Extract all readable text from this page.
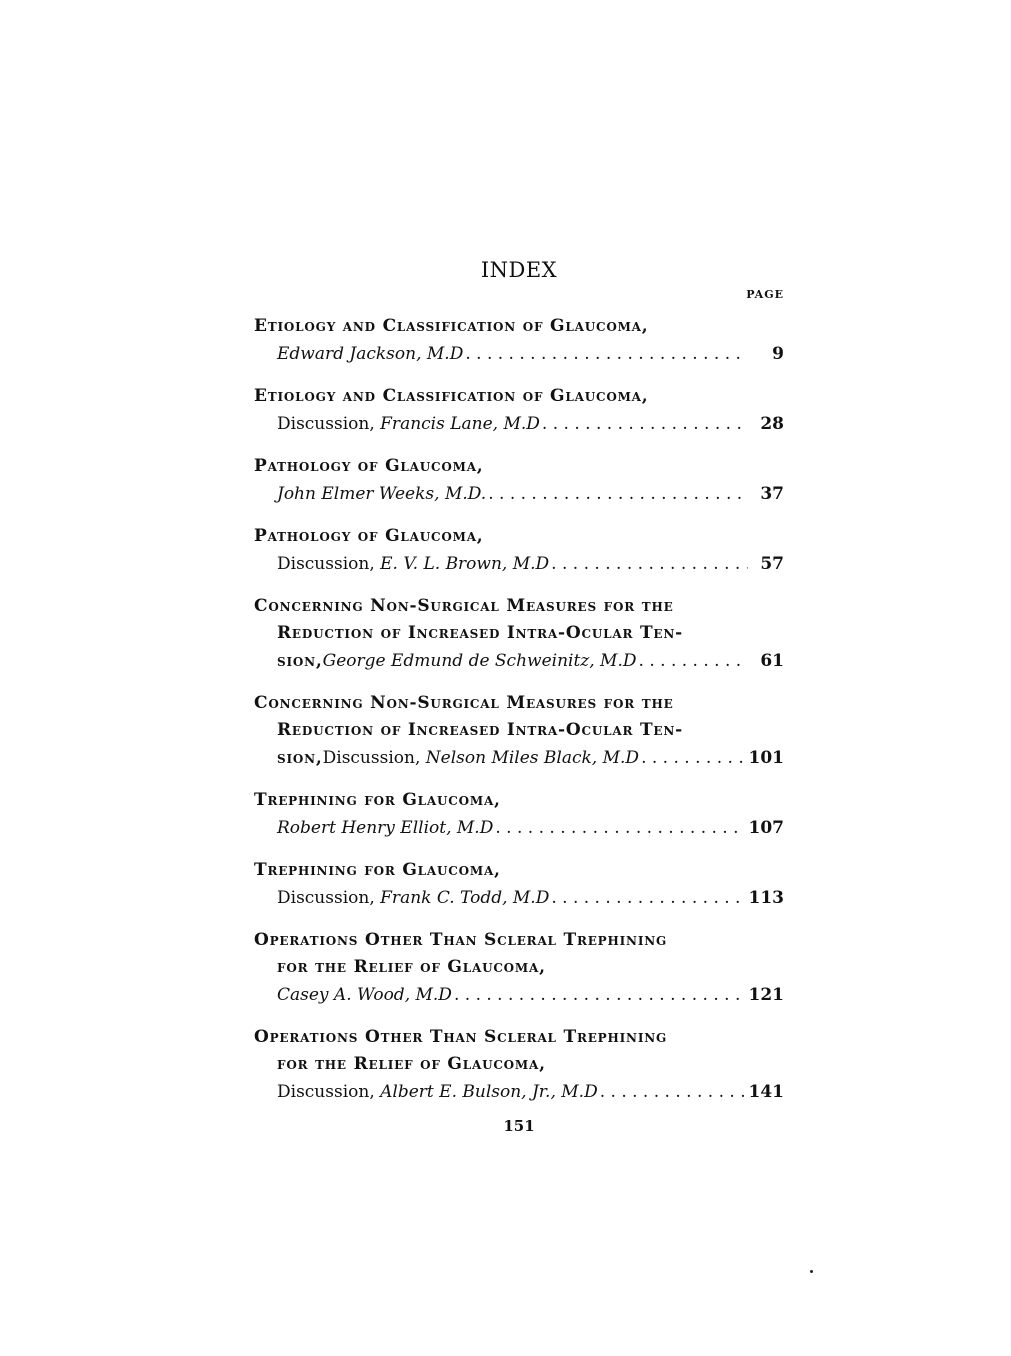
INDEX
PAGE
Etiology and Classification of Glaucoma,
Edward Jackson, M.D . . .	9
Etiology and Classification of Glaucoma,
Discussion, Francis Lane, M.D . . .	28
Pathology of Glaucoma,
John Elmer Weeks, M.D. . . .	37
Pathology of Glaucoma,
Discussion, E. V. L. Brown, M.D . . .	57
Concerning Non-Surgical Measures for the
Reduction of Increased Intra-Ocular Ten-
sion, George Edmund de Schweinitz, M.D . . .	61
Concerning Non-Surgical Measures for the
Reduction of Increased Intra-Ocular Ten-
sion, Discussion, Nelson Miles Black, M.D . . .	101
Trephining for Glaucoma,
Robert Henry Elliot, M.D . . .	107
Trephining for Glaucoma,
Discussion, Frank C. Todd, M.D . . .	113
Operations Other Than Scleral Trephining
for the Relief of Glaucoma,
Casey A. Wood, M.D . . .	121
Operations Other Than Scleral Trephining
for the Relief of Glaucoma,
Discussion, Albert E. Bulson, Jr., M.D . . .	141
151
